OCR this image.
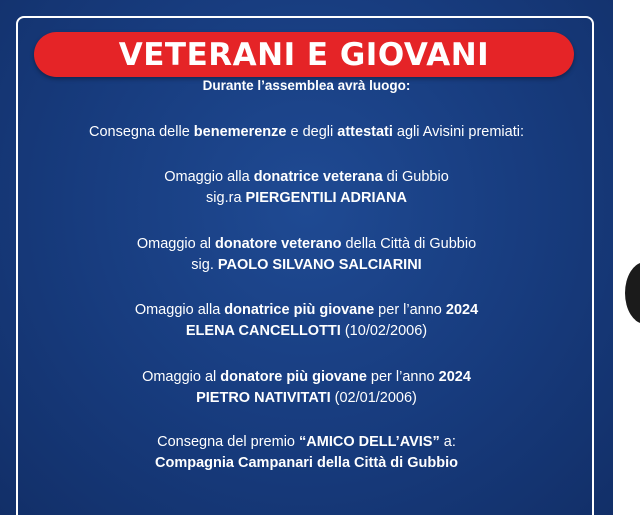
VETERANI E GIOVANI
Durante l’assemblea avrà luogo:
Consegna delle benemerenze e degli attestati agli Avisini premiati:
Omaggio alla donatrice veterana di Gubbio
sig.ra PIERGENTILI ADRIANA
Omaggio al donatore veterano della Città di Gubbio
sig. PAOLO SILVANO SALCIARINI
Omaggio alla donatrice più giovane per l’anno 2024
ELENA CANCELLOTTI (10/02/2006)
Omaggio al donatore più giovane per l’anno 2024
PIETRO NATIVITATI (02/01/2006)
Consegna del premio “AMICO DELL’AVIS” a:
Compagnia Campanari della Città di Gubbio
